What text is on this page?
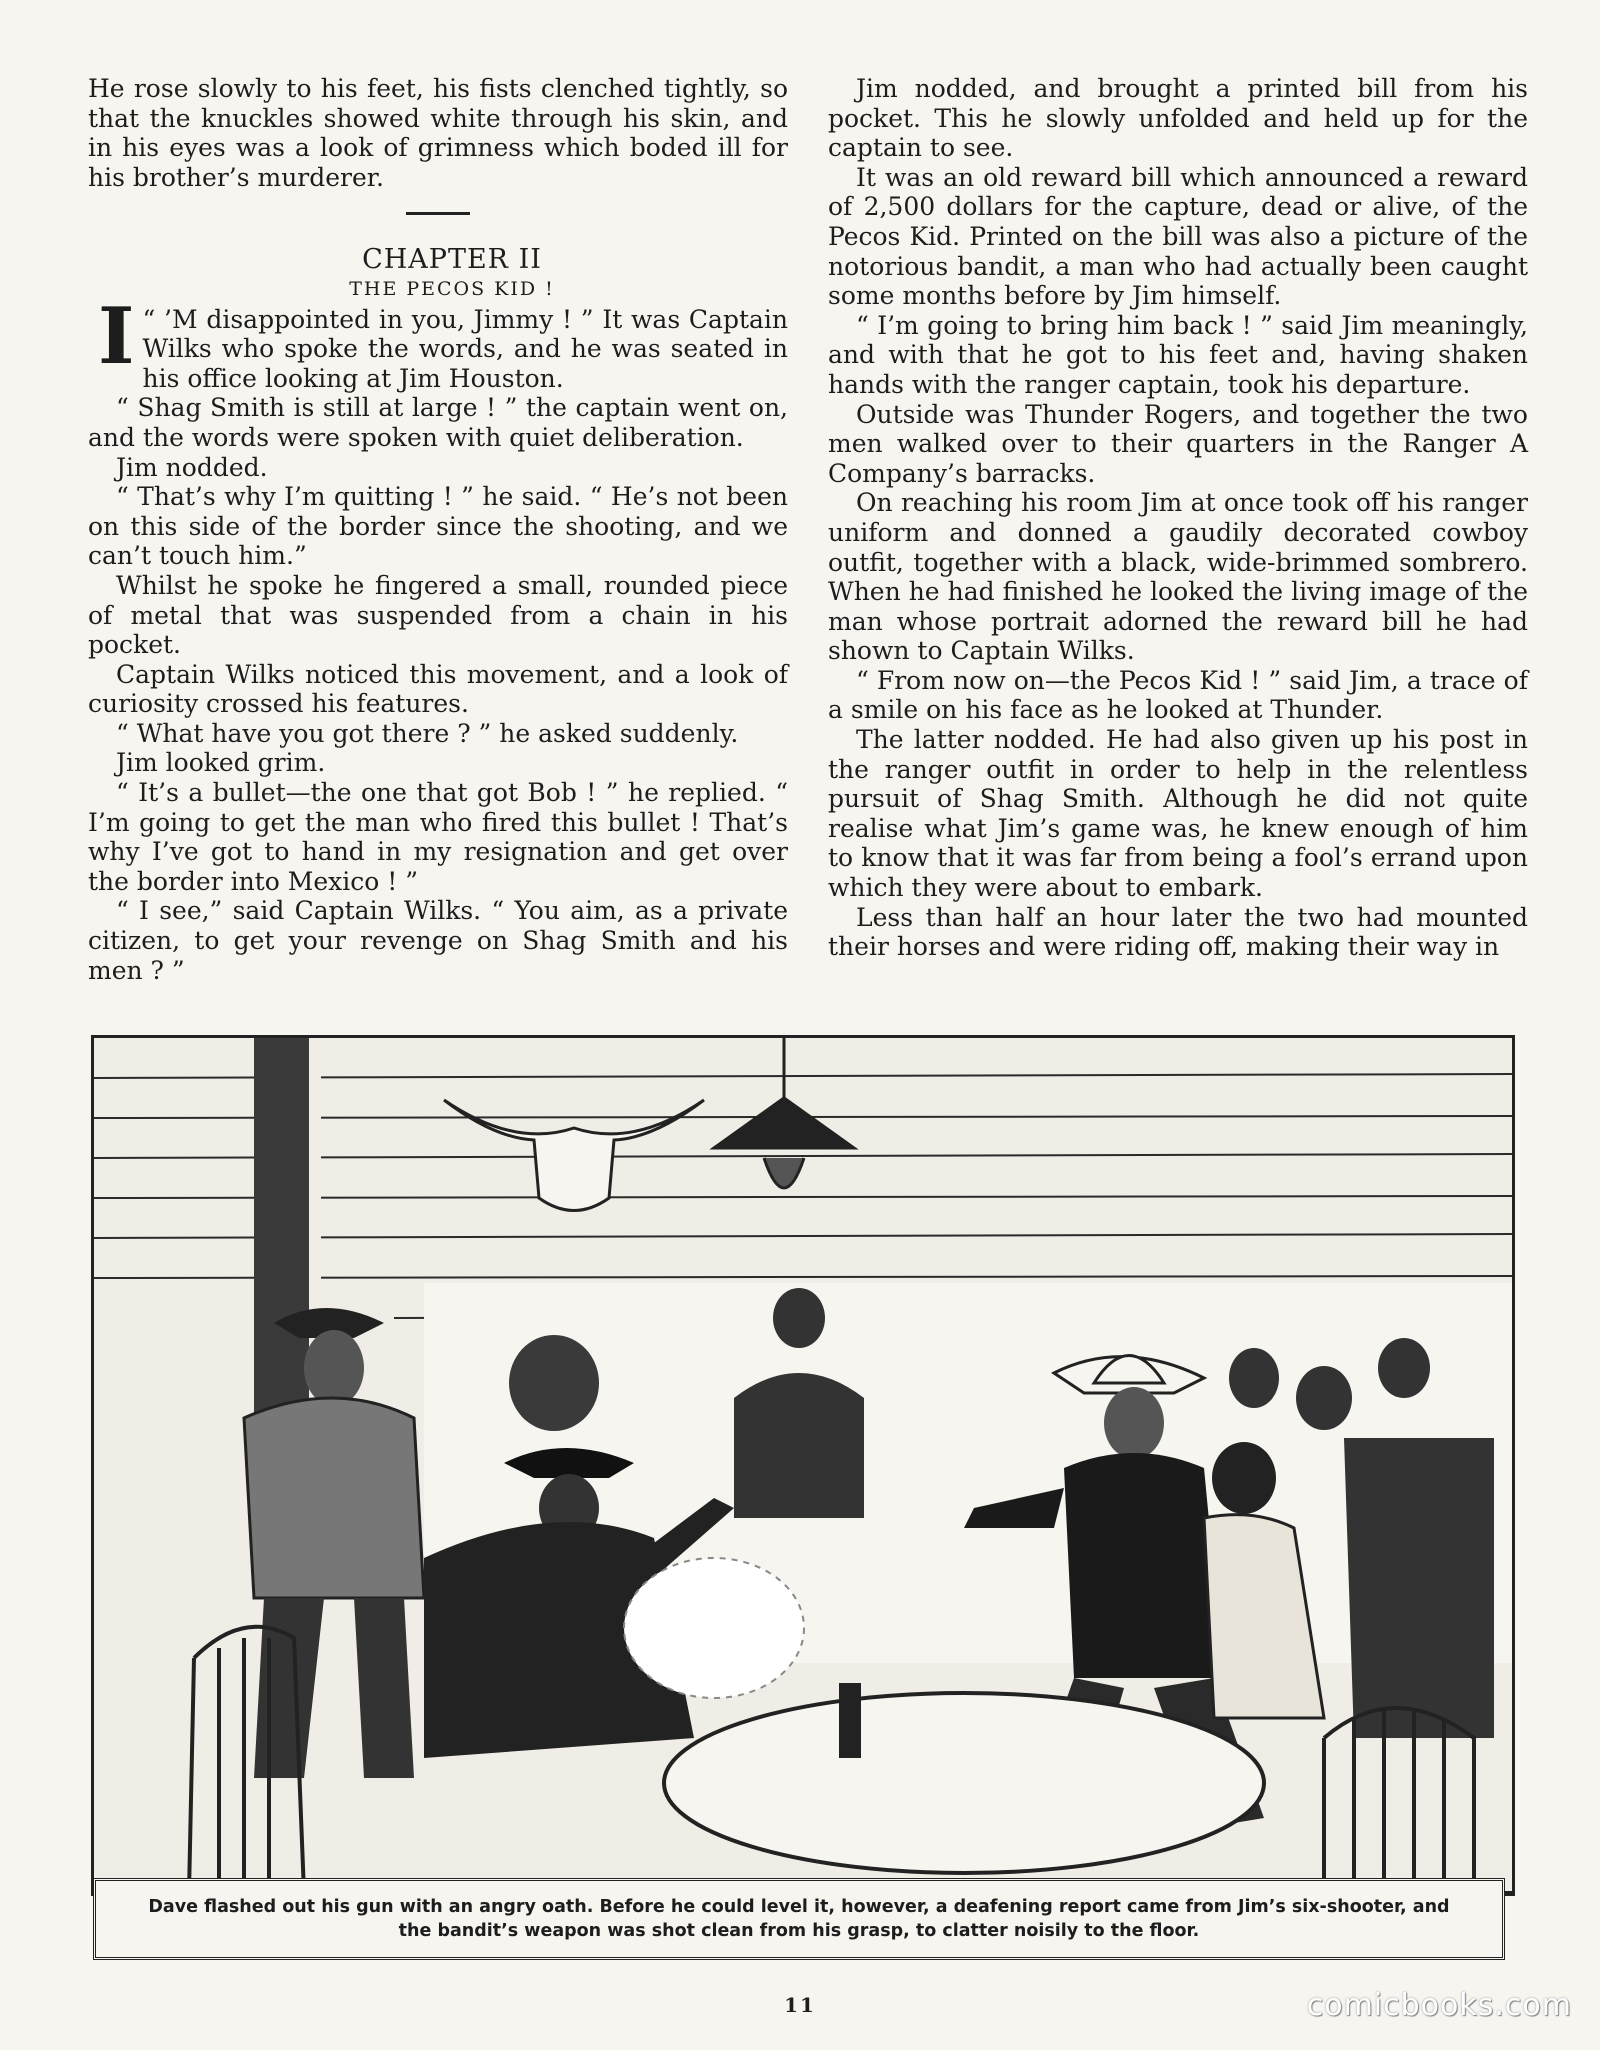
He rose slowly to his feet, his fists clenched tightly, so that the knuckles showed white through his skin, and in his eyes was a look of grimness which boded ill for his brother’s murderer.

CHAPTER II

THE PECOS KID !

“
I ’M disappointed in you, Jimmy ! ” It was Captain Wilks who spoke the words, and he was seated in his office looking at Jim Houston.

“ Shag Smith is still at large ! ” the captain went on, and the words were spoken with quiet deliberation.

Jim nodded.

“ That’s why I’m quitting ! ” he said. “ He’s not been on this side of the border since the shooting, and we can’t touch him.”

Whilst he spoke he fingered a small, rounded piece of metal that was suspended from a chain in his pocket.

Captain Wilks noticed this movement, and a look of curiosity crossed his features.

“ What have you got there ? ” he asked suddenly.

Jim looked grim.

“ It’s a bullet—the one that got Bob ! ” he replied. “ I’m going to get the man who fired this bullet ! That’s why I’ve got to hand in my resignation and get over the border into Mexico ! ”

“ I see,” said Captain Wilks. “ You aim, as a private citizen, to get your revenge on Shag Smith and his men ? ”

Jim nodded, and brought a printed bill from his pocket. This he slowly unfolded and held up for the captain to see.

It was an old reward bill which announced a reward of 2,500 dollars for the capture, dead or alive, of the Pecos Kid. Printed on the bill was also a picture of the notorious bandit, a man who had actually been caught some months before by Jim himself.

“ I’m going to bring him back ! ” said Jim meaningly, and with that he got to his feet and, having shaken hands with the ranger captain, took his departure.

Outside was Thunder Rogers, and together the two men walked over to their quarters in the Ranger A Company’s barracks.

On reaching his room Jim at once took off his ranger uniform and donned a gaudily decorated cowboy outfit, together with a black, wide-brimmed sombrero. When he had finished he looked the living image of the man whose portrait adorned the reward bill he had shown to Captain Wilks.

“ From now on—the Pecos Kid ! ” said Jim, a trace of a smile on his face as he looked at Thunder.

The latter nodded. He had also given up his post in the ranger outfit in order to help in the relentless pursuit of Shag Smith. Although he did not quite realise what Jim’s game was, he knew enough of him to know that it was far from being a fool’s errand upon which they were about to embark.

Less than half an hour later the two had mounted their horses and were riding off, making their way in

Dave flashed out his gun with an angry oath. Before he could level it, however, a deafening report came from Jim’s six-shooter, and the bandit’s weapon was shot clean from his grasp, to clatter noisily to the floor.
11	comicbooks.com
